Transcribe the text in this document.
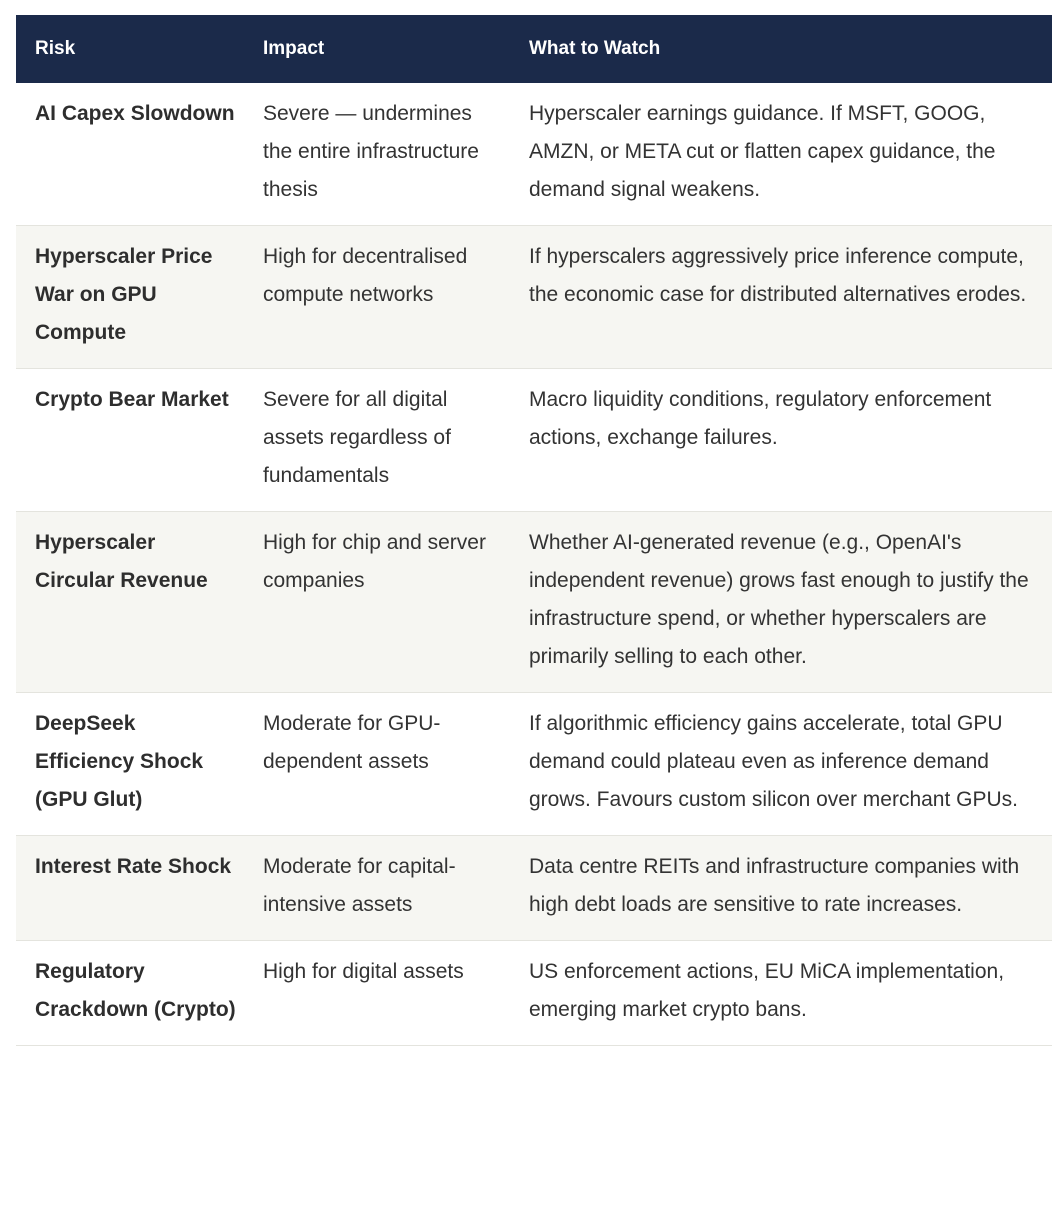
Risk	Impact	What to Watch
AI Capex Slowdown	Severe — undermines the entire infrastructure thesis	Hyperscaler earnings guidance. If MSFT, GOOG, AMZN, or META cut or flatten capex guidance, the demand signal weakens.
Hyperscaler Price War on GPU Compute	High for decentralised compute networks	If hyperscalers aggressively price inference compute, the economic case for distributed alternatives erodes.
Crypto Bear Market	Severe for all digital assets regardless of fundamentals	Macro liquidity conditions, regulatory enforcement actions, exchange failures.
Hyperscaler Circular Revenue	High for chip and server companies	Whether AI-generated revenue (e.g., OpenAI's independent revenue) grows fast enough to justify the infrastructure spend, or whether hyperscalers are primarily selling to each other.
DeepSeek Efficiency Shock (GPU Glut)	Moderate for GPU-dependent assets	If algorithmic efficiency gains accelerate, total GPU demand could plateau even as inference demand grows. Favours custom silicon over merchant GPUs.
Interest Rate Shock	Moderate for capital-intensive assets	Data centre REITs and infrastructure companies with high debt loads are sensitive to rate increases.
Regulatory Crackdown (Crypto)	High for digital assets	US enforcement actions, EU MiCA implementation, emerging market crypto bans.
